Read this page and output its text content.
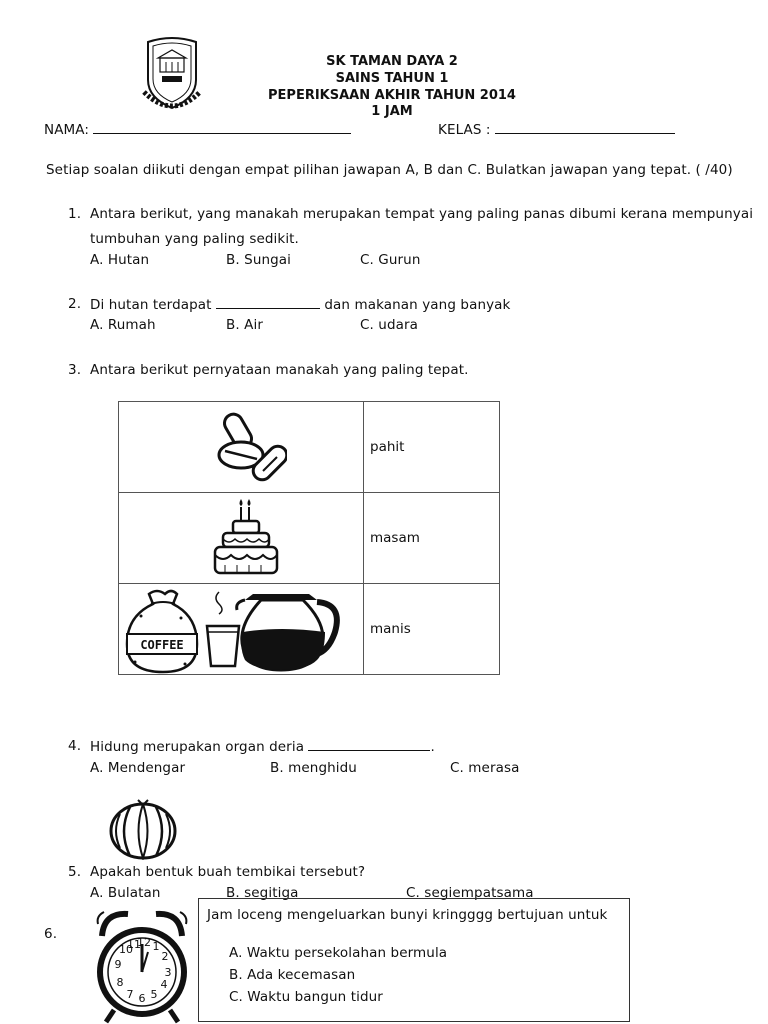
SK TAMAN DAYA 2
SAINS TAHUN 1
PEPERIKSAAN AKHIR TAHUN 2014
1 JAM
NAMA:	KELAS :
Setiap soalan diikuti dengan empat pilihan jawapan A, B dan C. Bulatkan jawapan yang tepat. ( /40)
1. Antara berikut, yang manakah merupakan tempat yang paling panas dibumi kerana mempunyai
tumbuhan yang paling sedikit.
A. Hutan	B. Sungai	C. Gurun
2. Di hutan terdapat	dan makanan yang banyak
A. Rumah	B. Air	C. udara
3. Antara berikut pernyataan manakah yang paling tepat.
	pahit

	masam

COFFEE	manis
4. Hidung merupakan organ deria	.
A. Mendengar	B. menghidu	C. merasa
5. Apakah bentuk buah tembikai tersebut?
A. Bulatan	B. segitiga	C. segiempatsama
6.
10
11
12 1
2
9
3
8
7 6 5
4
Jam loceng mengeluarkan bunyi kringggg bertujuan untuk
A. Waktu persekolahan bermula
B. Ada kecemasan
C. Waktu bangun tidur
